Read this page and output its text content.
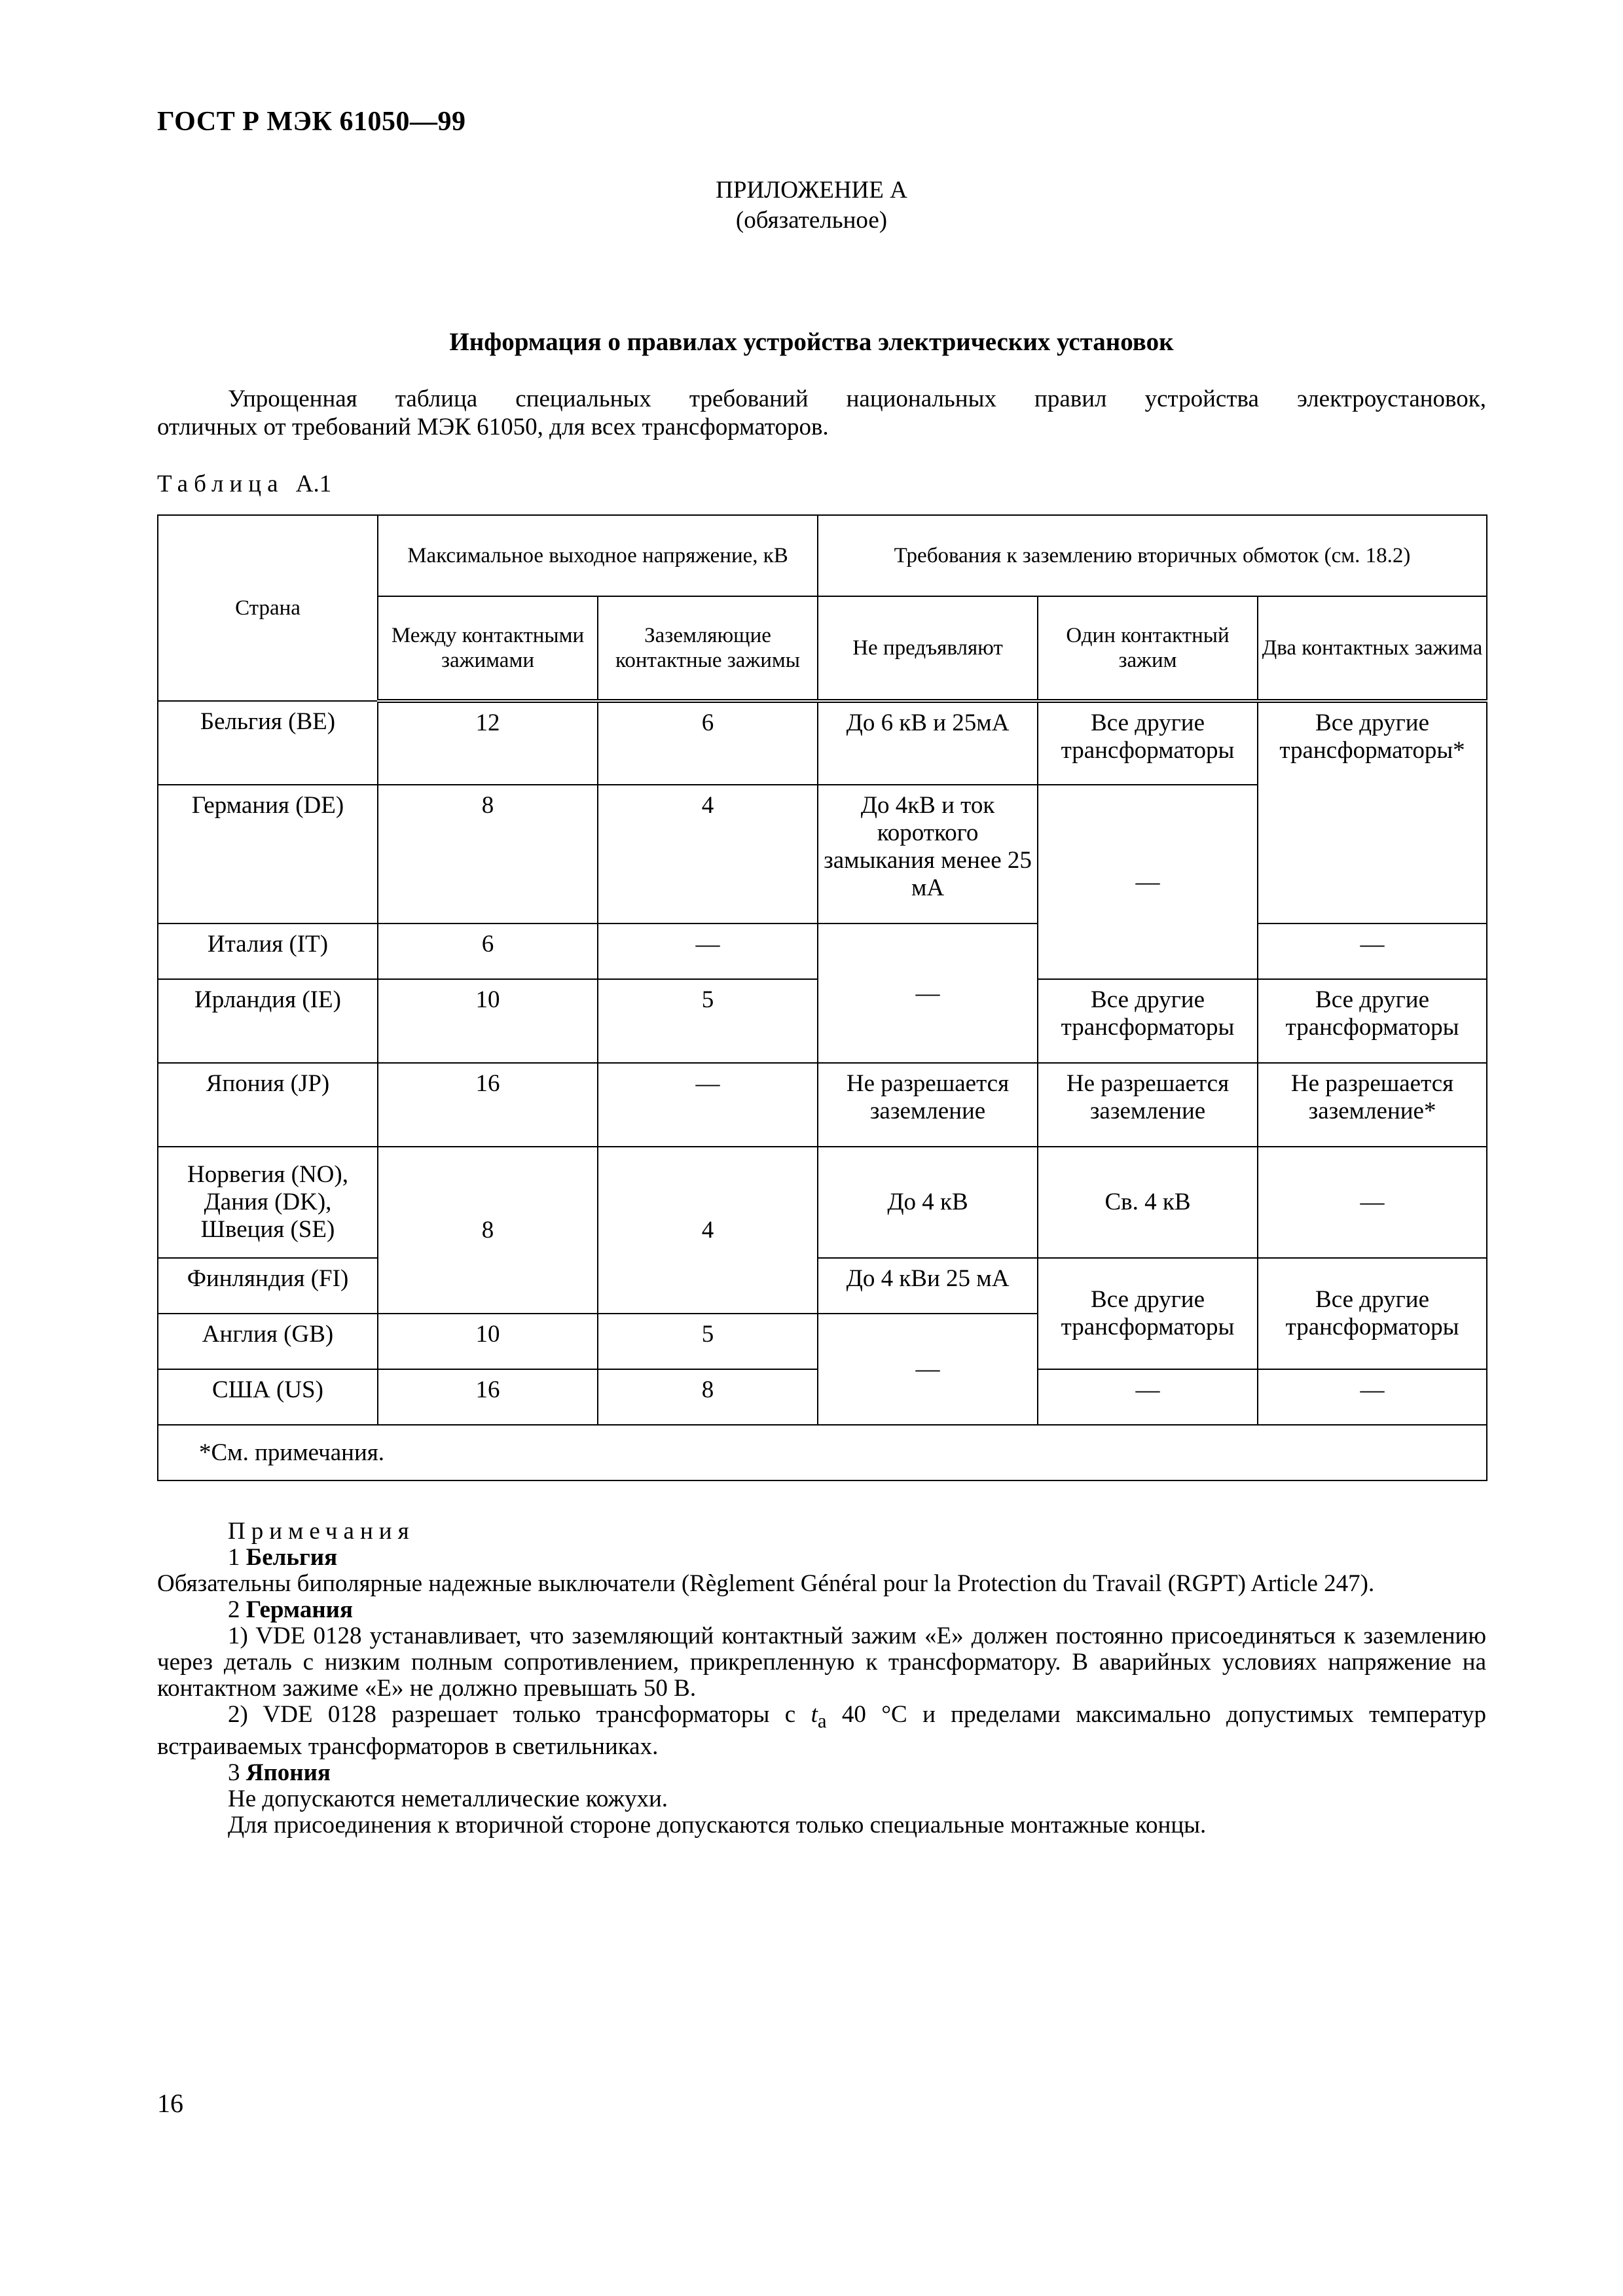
ГОСТ Р МЭК 61050—99
ПРИЛОЖЕНИЕ А
(обязательное)
Информация о правилах устройства электрических установок
Упрощенная таблица специальных требований национальных правил устройства электроустановок,
отличных от требований МЭК 61050, для всех трансформаторов.
Таблица А.1
Страна	Максимальное выходное напряжение, кВ		Требования к заземлению вторичных обмоток (см. 18.2)		
	Между контактными зажимами	Заземляющие контактные зажимы	Не предъявляют	Один контактный зажим	Два контактных зажима
Бельгия (BE)	12	6	До 6 кВ и 25мА	Все другие трансформаторы	Все другие трансформаторы*
Германия (DE)	8	4	До 4кВ и ток короткого замыкания менее 25 мА	—	
Италия (IT)	6	—	—		—
Ирландия (IE)	10	5		Все другие трансформаторы	Все другие трансформаторы
Япония (JP)	16	—	Не разрешается заземление	Не разрешается заземление	Не разрешается заземление*
Норвегия (NO), Дания (DK), Швеция (SE)	8	4	До 4 кВ	Св. 4 кВ	—
Финляндия (FI)			До 4 кВи 25 мА	Все другие трансформаторы	Все другие трансформаторы
Англия (GB)	10	5	—		
США (US)	16	8		—	—
*См. примечания.					

Примечания

1 Бельгия

Обязательны биполярные надежные выключатели (Règlement Général pour la Protection du Travail (RGPT) Article 247).

2 Германия

1) VDE 0128 устанавливает, что заземляющий контактный зажим «Е» должен постоянно присоединяться к заземлению через деталь с низким полным сопротивлением, прикрепленную к трансформатору. В аварийных условиях напряжение на контактном зажиме «Е» не должно превышать 50 В.

2) VDE 0128 разрешает только трансформаторы с $t_a$ 40 °С и пределами максимально допустимых температур встраиваемых трансформаторов в светильниках.

3 Япония

Не допускаются неметаллические кожухи.

Для присоединения к вторичной стороне допускаются только специальные монтажные концы.

16
